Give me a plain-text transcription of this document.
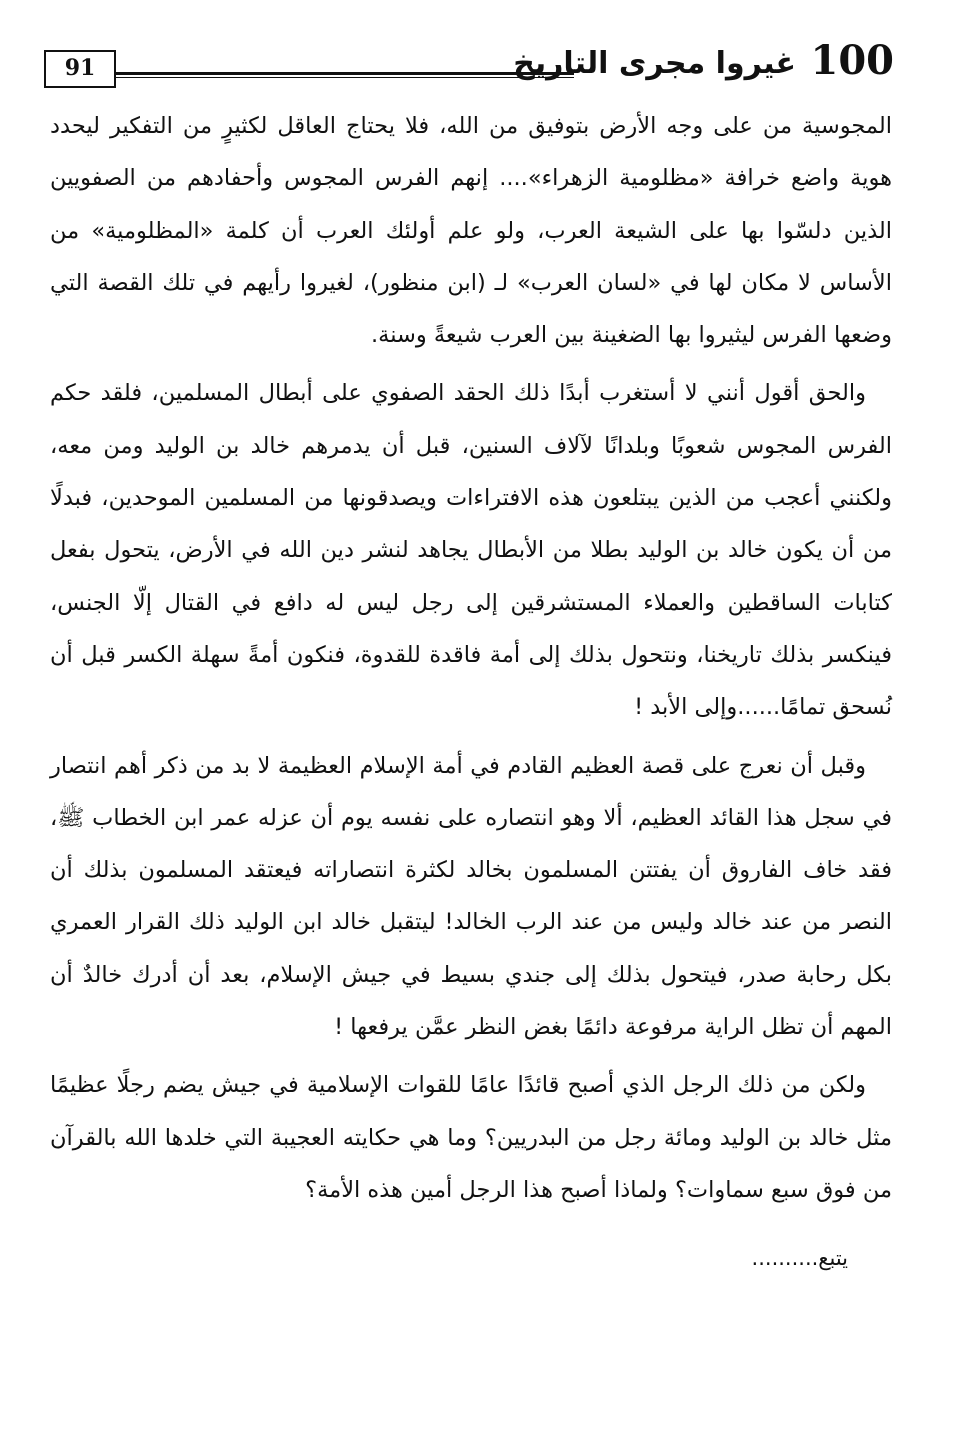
91	غيروا مجرى التاريخ 100

المجوسية من على وجه الأرض بتوفيق من الله، فلا يحتاج العاقل لكثيرٍ من التفكير ليحدد هوية واضع خرافة «مظلومية الزهراء».... إنهم الفرس المجوس وأحفادهم من الصفويين الذين دلسّوا بها على الشيعة العرب، ولو علم أولئك العرب أن كلمة «المظلومية» من الأساس لا مكان لها في «لسان العرب» لـ (ابن منظور)، لغيروا رأيهم في تلك القصة التي وضعها الفرس ليثيروا بها الضغينة بين العرب شيعةً وسنة.

والحق أقول أنني لا أستغرب أبدًا ذلك الحقد الصفوي على أبطال المسلمين، فلقد حكم الفرس المجوس شعوبًا وبلدانًا لآلاف السنين، قبل أن يدمرهم خالد بن الوليد ومن معه، ولكنني أعجب من الذين يبتلعون هذه الافتراءات ويصدقونها من المسلمين الموحدين، فبدلًا من أن يكون خالد بن الوليد بطلا من الأبطال يجاهد لنشر دين الله في الأرض، يتحول بفعل كتابات الساقطين والعملاء المستشرقين إلى رجل ليس له دافع في القتال إلّا الجنس، فينكسر بذلك تاريخنا، ونتحول بذلك إلى أمة فاقدة للقدوة، فنكون أمةً سهلة الكسر قبل أن نُسحق تمامًا......وإلى الأبد !

وقبل أن نعرج على قصة العظيم القادم في أمة الإسلام العظيمة لا بد من ذكر أهم انتصار في سجل هذا القائد العظيم، ألا وهو انتصاره على نفسه يوم أن عزله عمر ابن الخطاب ﷺ، فقد خاف الفاروق أن يفتتن المسلمون بخالد لكثرة انتصاراته فيعتقد المسلمون بذلك أن النصر من عند خالد وليس من عند الرب الخالد! ليتقبل خالد ابن الوليد ذلك القرار العمري بكل رحابة صدر، فيتحول بذلك إلى جندي بسيط في جيش الإسلام، بعد أن أدرك خالدٌ أن المهم أن تظل الراية مرفوعة دائمًا بغض النظر عمَّن يرفعها !

ولكن من ذلك الرجل الذي أصبح قائدًا عامًا للقوات الإسلامية في جيش يضم رجلًا عظيمًا مثل خالد بن الوليد ومائة رجل من البدريين؟ وما هي حكايته العجيبة التي خلدها الله بالقرآن من فوق سبع سماوات؟ ولماذا أصبح هذا الرجل أمين هذه الأمة؟

يتبع..........
